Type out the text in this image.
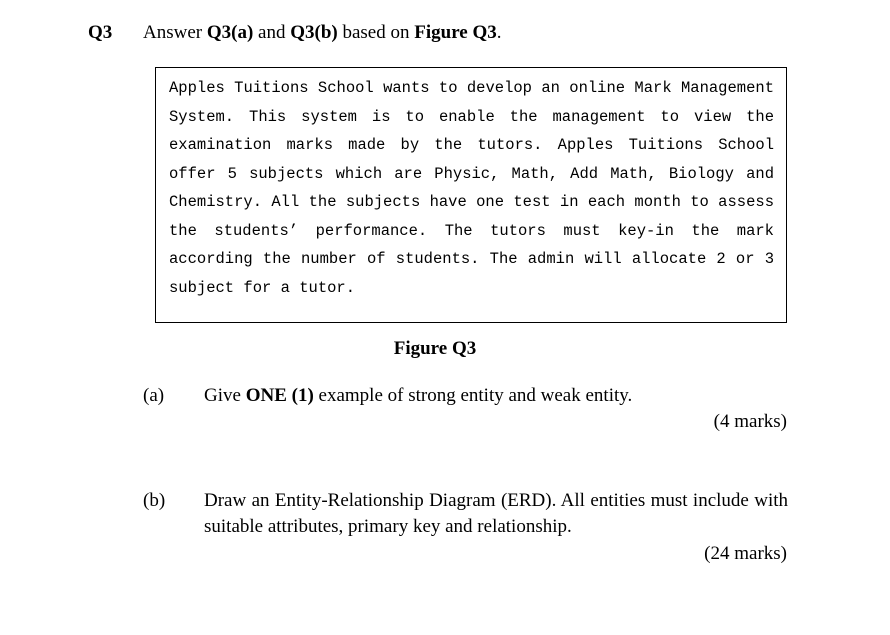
Q3 Answer Q3(a) and Q3(b) based on Figure Q3.

Apples Tuitions School wants to develop an online Mark Management System. This system is to enable the management to view the examination marks made by the tutors. Apples Tuitions School offer 5 subjects which are Physic, Math, Add Math, Biology and Chemistry. All the subjects have one test in each month to assess the students’ performance. The tutors must key-in the mark according the number of students. The admin will allocate 2 or 3 subject for a tutor.

Figure Q3

(a) Give ONE (1) example of strong entity and weak entity.

(4 marks)

(b) Draw an Entity-Relationship Diagram (ERD). All entities must include with suitable attributes, primary key and relationship.

(24 marks)
